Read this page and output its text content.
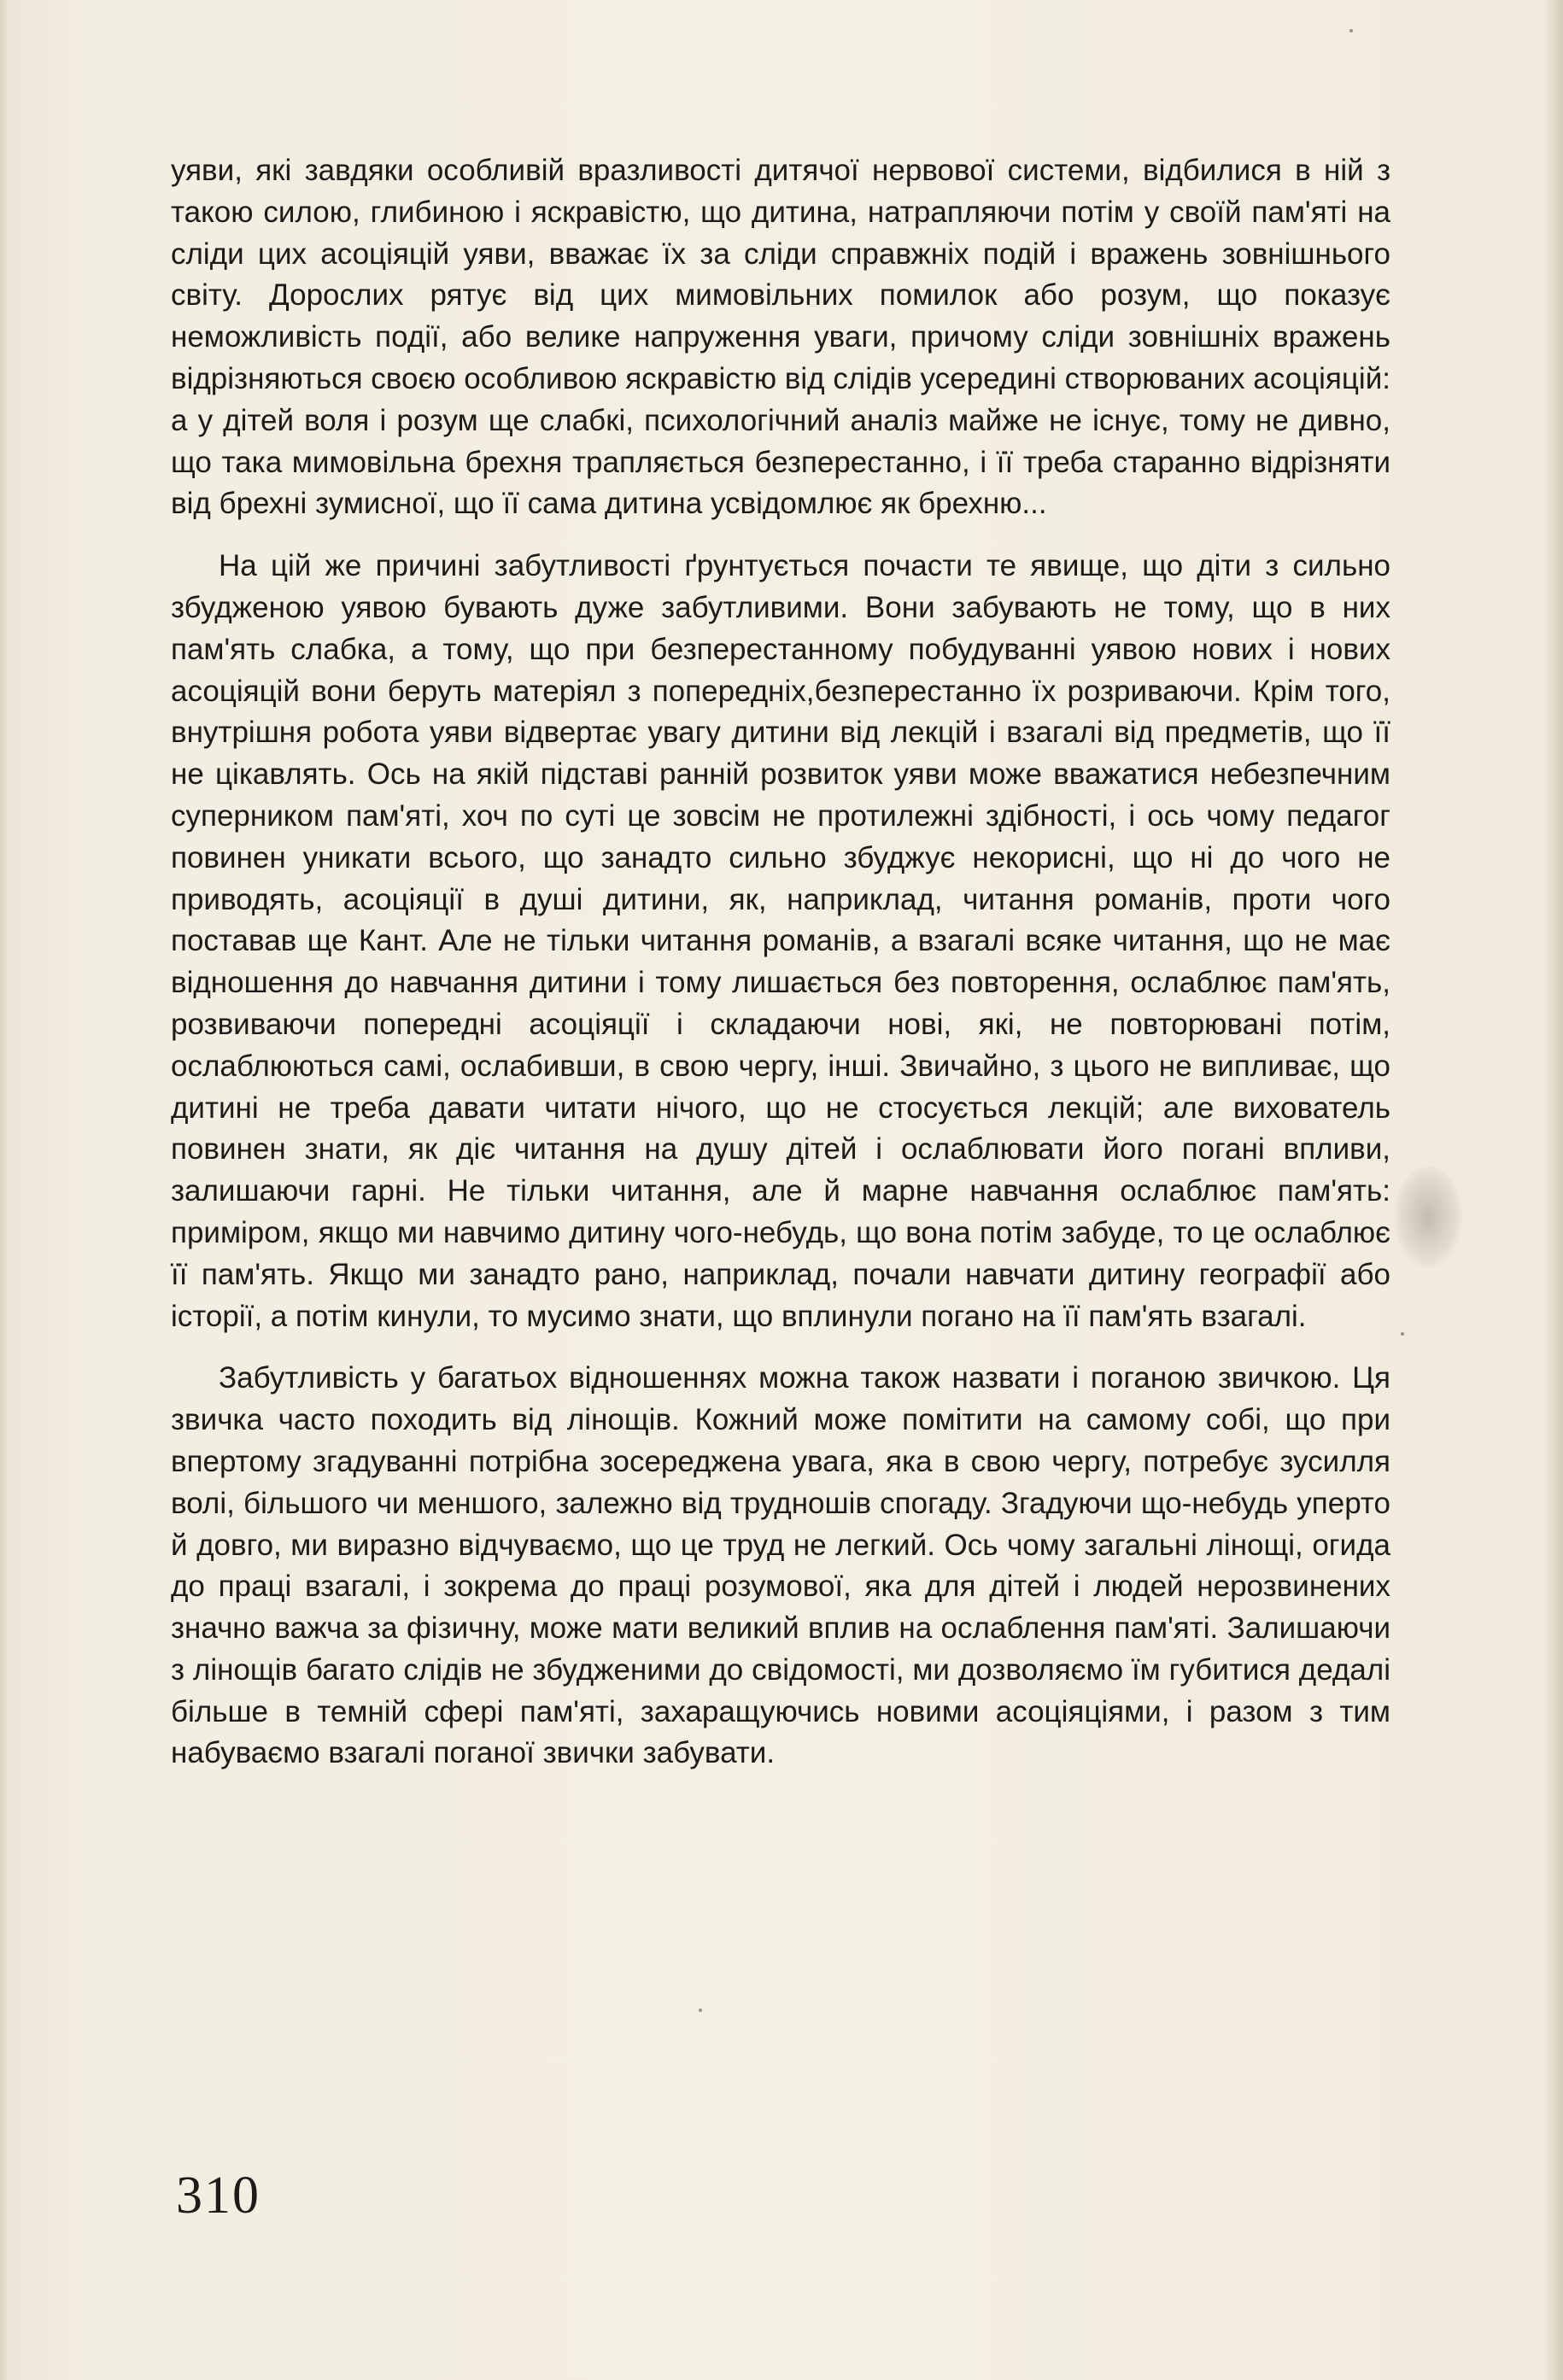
уяви, які завдяки особливій вразливості дитячої нервової системи, відбилися в ній з такою силою, глибиною і яскравістю, що дитина, натрапляючи потім у своїй пам'яті на сліди цих асоціяцій уяви, вважає їх за сліди справжніх подій і вражень зовнішнього світу. Дорослих рятує від цих мимовільних помилок або розум, що показує неможливість події, або велике напруження уваги, причому сліди зовнішніх вражень відрізняються своєю особливою яскравістю від слідів усередині створюваних асоціяцій: а у дітей воля і розум ще слабкі, психологічний аналіз майже не існує, тому не дивно, що така мимовільна брехня трапляється безперестанно, і її треба старанно відрізняти від брехні зумисної, що її сама дитина усвідомлює як брехню...

На цій же причині забутливості ґрунтується почасти те явище, що діти з сильно збудженою уявою бувають дуже забутливими. Вони забувають не тому, що в них пам'ять слабка, а тому, що при безперестанному побудуванні уявою нових і нових асоціяцій вони беруть матеріял з попередніх,безперестанно їх розриваючи. Крім того, внутрішня робота уяви відвертає увагу дитини від лекцій і взагалі від предметів, що її не цікавлять. Ось на якій підставі ранній розвиток уяви може вважатися небезпечним суперником пам'яті, хоч по суті це зовсім не протилежні здібності, і ось чому педагог повинен уникати всього, що занадто сильно збуджує некорисні, що ні до чого не приводять, асоціяції в душі дитини, як, наприклад, читання романів, проти чого поставав ще Кант. Але не тільки читання романів, а взагалі всяке читання, що не має відношення до навчання дитини і тому лишається без повторення, ослаблює пам'ять, розвиваючи попередні асоціяції і складаючи нові, які, не повторювані потім, ослаблюються самі, ослабивши, в свою чергу, інші. Звичайно, з цього не випливає, що дитині не треба давати читати нічого, що не стосується лекцій; але вихователь повинен знати, як діє читання на душу дітей і ослаблювати його погані впливи, залишаючи гарні. Не тільки читання, але й марне навчання ослаблює пам'ять: приміром, якщо ми навчимо дитину чого-небудь, що вона потім забуде, то це ослаблює її пам'ять. Якщо ми занадто рано, наприклад, почали навчати дитину географії або історії, а потім кинули, то мусимо знати, що вплинули погано на її пам'ять взагалі.

Забутливість у багатьох відношеннях можна також назвати і поганою звичкою. Ця звичка часто походить від лінощів. Кожний може помітити на самому собі, що при впертому згадуванні потрібна зосереджена увага, яка в свою чергу, потребує зусилля волі, більшого чи меншого, залежно від трудношів спогаду. Згадуючи що-небудь уперто й довго, ми виразно відчуваємо, що це труд не легкий. Ось чому загальні лінощі, огида до праці взагалі, і зокрема до праці розумової, яка для дітей і людей нерозвинених значно важча за фізичну, може мати великий вплив на ослаблення пам'яті. Залишаючи з лінощів багато слідів не збудженими до свідомості, ми дозволяємо їм губитися дедалі більше в темній сфері пам'яті, захаращуючись новими асоціяціями, і разом з тим набуваємо взагалі поганої звички забувати.

310
